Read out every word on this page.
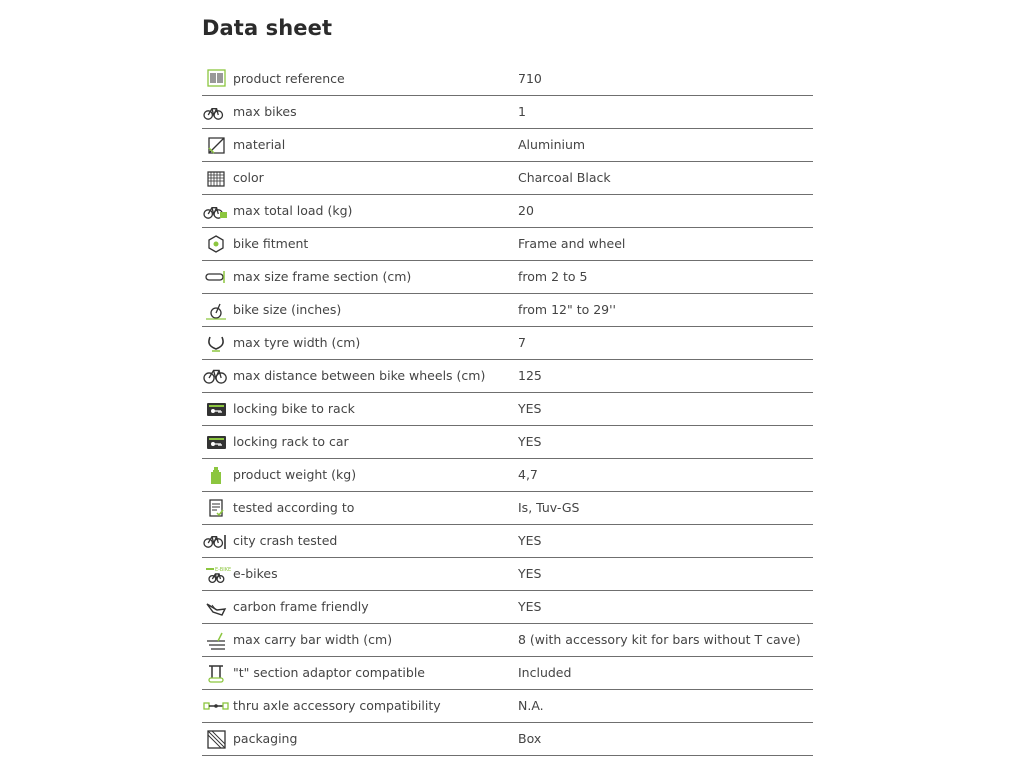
Data sheet
	product reference	710

	max bikes	1

	material	Aluminium

	color	Charcoal Black

	max total load (kg)	20

	bike fitment	Frame and wheel

	max size frame section (cm)	from 2 to 5

	bike size (inches)	from 12" to 29''

	max tyre width (cm)	7

	max distance between bike wheels (cm)	125

	locking bike to rack	YES

	locking rack to car	YES

	product weight (kg)	4,7

	tested according to	Is, Tuv-GS

	city crash tested	YES

E-BIKE	e-bikes	YES

	carbon frame friendly	YES

	max carry bar width (cm)	8 (with accessory kit for bars without T cave)

	"t" section adaptor compatible	Included

	thru axle accessory compatibility	N.A.

	packaging	Box
